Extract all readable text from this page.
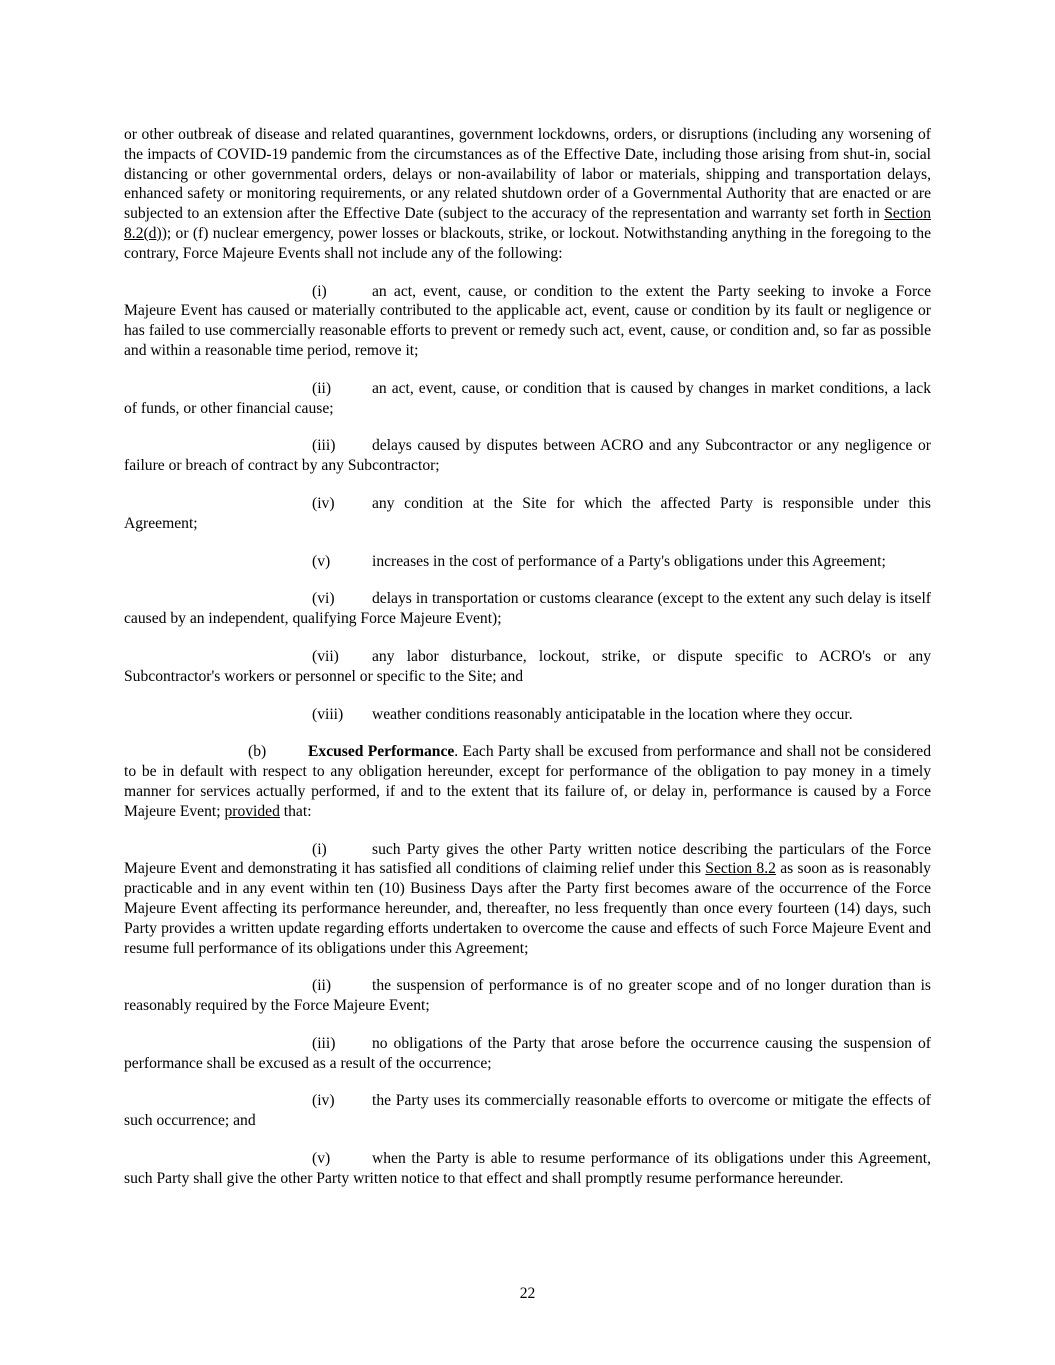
or other outbreak of disease and related quarantines, government lockdowns, orders, or disruptions (including any worsening of the impacts of COVID-19 pandemic from the circumstances as of the Effective Date, including those arising from shut-in, social distancing or other governmental orders, delays or non-availability of labor or materials, shipping and transportation delays, enhanced safety or monitoring requirements, or any related shutdown order of a Governmental Authority that are enacted or are subjected to an extension after the Effective Date (subject to the accuracy of the representation and warranty set forth in Section 8.2(d)); or (f) nuclear emergency, power losses or blackouts, strike, or lockout. Notwithstanding anything in the foregoing to the contrary, Force Majeure Events shall not include any of the following:

(i)	an act, event, cause, or condition to the extent the Party seeking to invoke a Force Majeure Event has caused or materially contributed to the applicable act, event, cause or condition by its fault or negligence or has failed to use commercially reasonable efforts to prevent or remedy such act, event, cause, or condition and, so far as possible and within a reasonable time period, remove it;

(ii)	an act, event, cause, or condition that is caused by changes in market conditions, a lack of funds, or other financial cause;

(iii) delays caused by disputes between ACRO and any Subcontractor or any negligence or failure or breach of contract by any Subcontractor;

(iv) any condition at the Site for which the affected Party is responsible under this Agreement;

(v)	increases in the cost of performance of a Party's obligations under this Agreement;

(vi) delays in transportation or customs clearance (except to the extent any such delay is itself caused by an independent, qualifying Force Majeure Event);

(vii) any labor disturbance, lockout, strike, or dispute specific to ACRO's or any Subcontractor's workers or personnel or specific to the Site; and

(viii) weather conditions reasonably anticipatable in the location where they occur.

(b)	Excused Performance. Each Party shall be excused from performance and shall not be considered to be in default with respect to any obligation hereunder, except for performance of the obligation to pay money in a timely manner for services actually performed, if and to the extent that its failure of, or delay in, performance is caused by a Force Majeure Event; provided that:

(i)	such Party gives the other Party written notice describing the particulars of the Force Majeure Event and demonstrating it has satisfied all conditions of claiming relief under this Section 8.2 as soon as is reasonably practicable and in any event within ten (10) Business Days after the Party first becomes aware of the occurrence of the Force Majeure Event affecting its performance hereunder, and, thereafter, no less frequently than once every fourteen (14) days, such Party provides a written update regarding efforts undertaken to overcome the cause and effects of such Force Majeure Event and resume full performance of its obligations under this Agreement;

(ii)	the suspension of performance is of no greater scope and of no longer duration than is reasonably required by the Force Majeure Event;

(iii) no obligations of the Party that arose before the occurrence causing the suspension of performance shall be excused as a result of the occurrence;

(iv) the Party uses its commercially reasonable efforts to overcome or mitigate the effects of such occurrence; and

(v)	when the Party is able to resume performance of its obligations under this Agreement, such Party shall give the other Party written notice to that effect and shall promptly resume performance hereunder.

22
